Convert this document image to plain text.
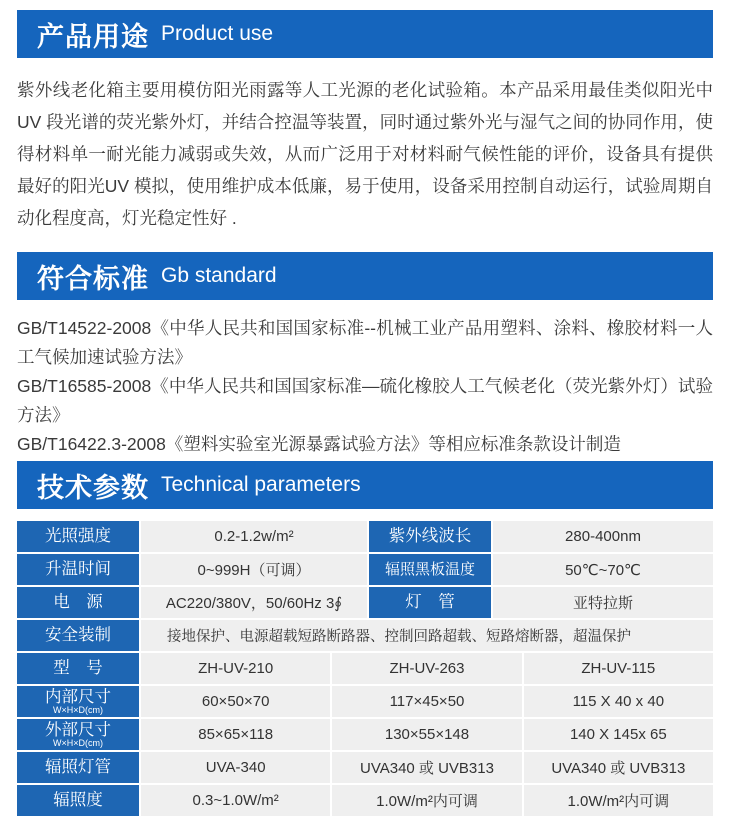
产品用途 Product use

紫外线老化箱主要用模仿阳光雨露等人工光源的老化试验箱。本产品采用最佳类似阳光中UV 段光谱的荧光紫外灯，并结合控温等装置，同时通过紫外光与湿气之间的协同作用，使得材料单一耐光能力减弱或失效，从而广泛用于对材料耐气候性能的评价，设备具有提供最好的阳光UV 模拟，使用维护成本低廉，易于使用，设备采用控制自动运行，试验周期自动化程度高，灯光稳定性好 .

符合标准 Gb standard

GB/T14522-2008《中华人民共和国国家标准--机械工业产品用塑料、涂料、橡胶材料一人工气候加速试验方法》

GB/T16585-2008《中华人民共和国国家标准—硫化橡胶人工气候老化（荧光紫外灯）试验方法》

GB/T16422.3-2008《塑料实验室光源暴露试验方法》等相应标准条款设计制造

技术参数 Technical parameters
光照强度	0.2-1.2w/m²	紫外线波长	280-400nm
升温时间	0~999H（可调）	辐照黑板温度	50℃~70℃
电　源	AC220/380V，50/60Hz 3∮	灯　管	亚特拉斯
安全装制	接地保护、电源超载短路断路器、控制回路超载、短路熔断器，超温保护
型　号	ZH-UV-210	ZH-UV-263	ZH-UV-115
内部尺寸
W×H×D(cm)	60×50×70	117×45×50	115 X 40 x 40
外部尺寸
W×H×D(cm)	85×65×118	130×55×148	140 X 145x 65
辐照灯管	UVA-340	UVA340 或 UVB313	UVA340 或 UVB313
辐照度	0.3~1.0W/m²	1.0W/m²内可调	1.0W/m²内可调
